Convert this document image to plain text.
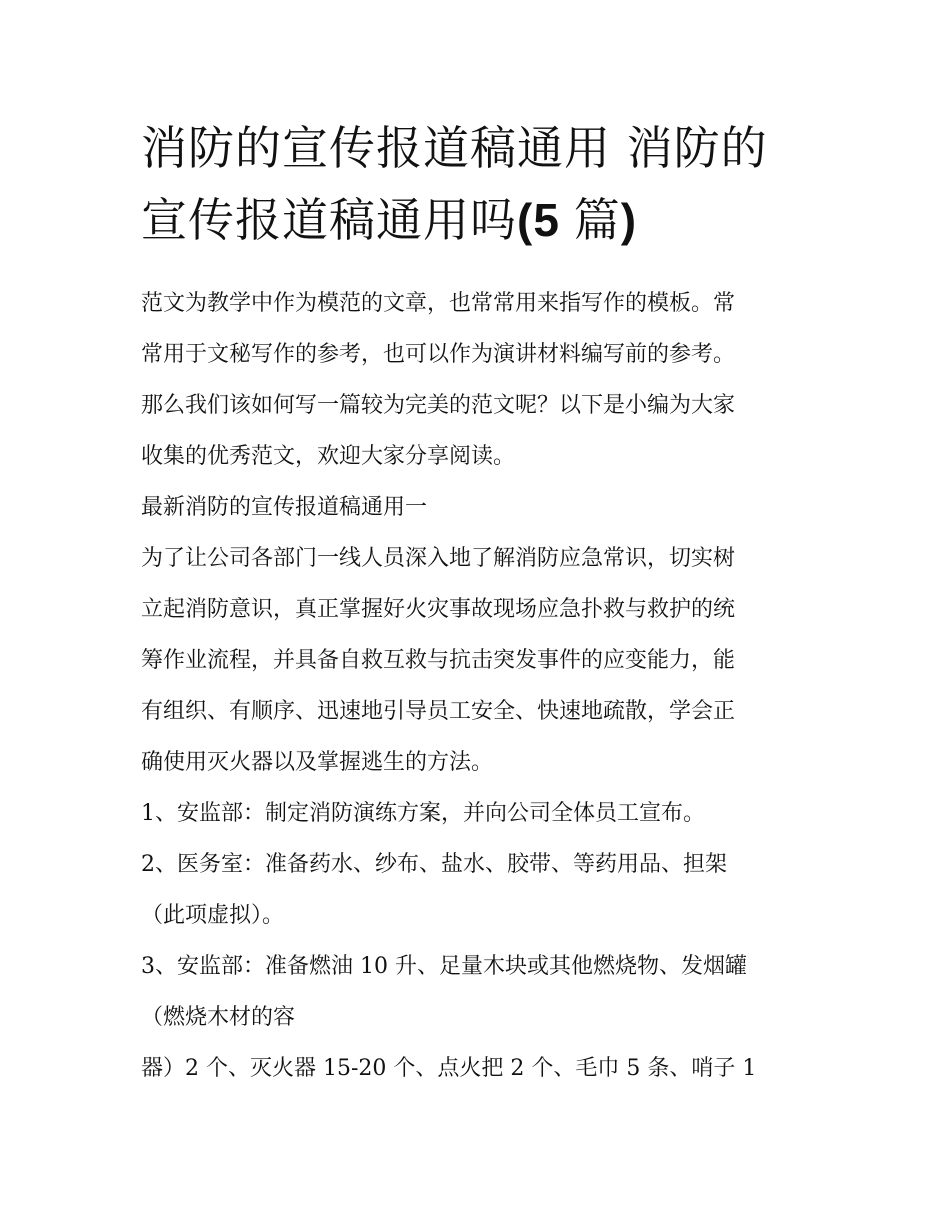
消防的宣传报道稿通用 消防的
宣传报道稿通用吗(5 篇)

范文为教学中作为模范的文章，也常常用来指写作的模板。常
常用于文秘写作的参考，也可以作为演讲材料编写前的参考。
那么我们该如何写一篇较为完美的范文呢？以下是小编为大家
收集的优秀范文，欢迎大家分享阅读。

最新消防的宣传报道稿通用一

为了让公司各部门一线人员深入地了解消防应急常识，切实树
立起消防意识，真正掌握好火灾事故现场应急扑救与救护的统
筹作业流程，并具备自救互救与抗击突发事件的应变能力，能
有组织、有顺序、迅速地引导员工安全、快速地疏散，学会正
确使用灭火器以及掌握逃生的方法。

1、安监部：制定消防演练方案，并向公司全体员工宣布。

2、医务室：准备药水、纱布、盐水、胶带、等药用品、担架
（此项虚拟）。

3、安监部：准备燃油 10 升、足量木块或其他燃烧物、发烟罐
（燃烧木材的容

器）2 个、灭火器 15-20 个、点火把 2 个、毛巾 5 条、哨子 1
